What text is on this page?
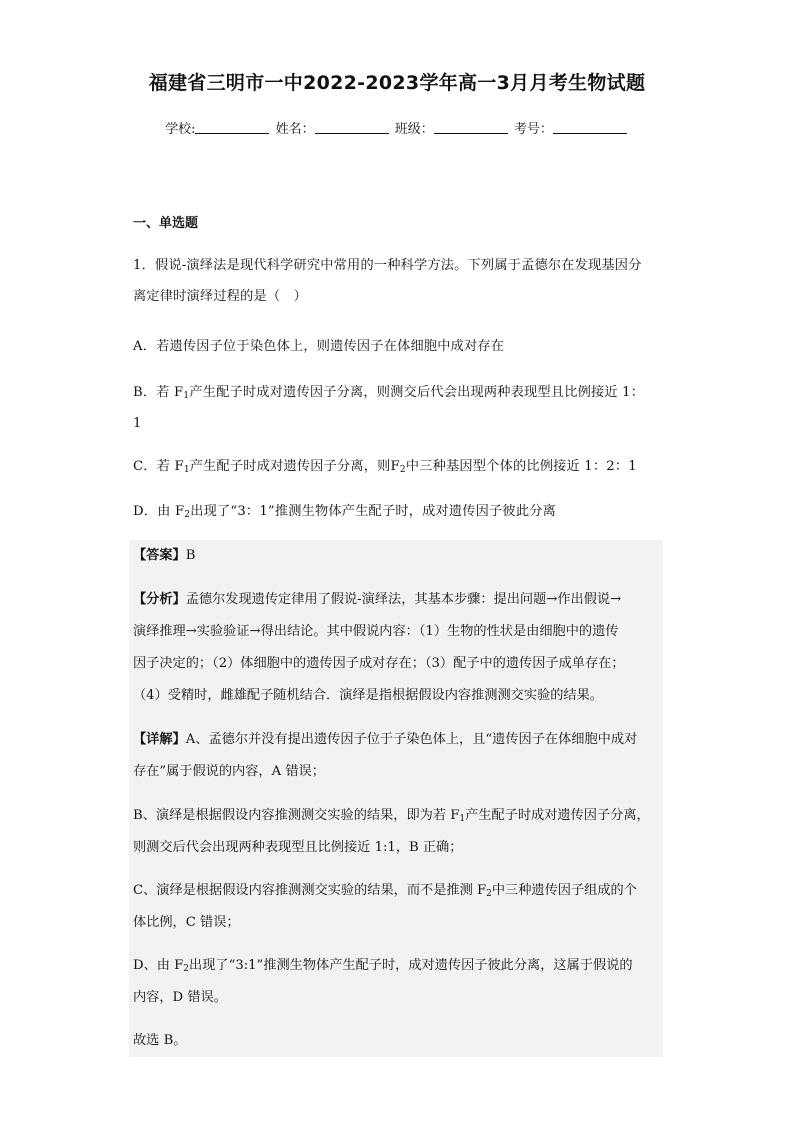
福建省三明市一中2022-2023学年高一3月月考生物试题
学校:	姓名：	班级：	考号：
一、单选题
1．假说-演绎法是现代科学研究中常用的一种科学方法。下列属于孟德尔在发现基因分
离定律时演绎过程的是（　）
A．若遗传因子位于染色体上，则遗传因子在体细胞中成对存在
B．若 $F_1$产生配子时成对遗传因子分离，则测交后代会出现两种表现型且比例接近 1：
1
C．若 $F_1$产生配子时成对遗传因子分离，则$F_2$中三种基因型个体的比例接近 1：2：1
D．由 $F_2$出现了“3：1”推测生物体产生配子时，成对遗传因子彼此分离
【答案】B
【分析】孟德尔发现遗传定律用了假说-演绎法，其基本步骤：提出问题→作出假说→
演绎推理→实验验证→得出结论。其中假说内容：（1）生物的性状是由细胞中的遗传
因子决定的；（2）体细胞中的遗传因子成对存在；（3）配子中的遗传因子成单存在；
（4）受精时，雌雄配子随机结合．演绎是指根据假设内容推测测交实验的结果。
【详解】A、孟德尔并没有提出遗传因子位于子染色体上，且“遗传因子在体细胞中成对
存在”属于假说的内容，A 错误；
B、演绎是根据假设内容推测测交实验的结果，即为若 $F_1$产生配子时成对遗传因子分离，
则测交后代会出现两种表现型且比例接近 1:1，B 正确；
C、演绎是根据假设内容推测测交实验的结果，而不是推测 $F_2$中三种遗传因子组成的个
体比例，C 错误；
D、由 $F_2$出现了“3:1”推测生物体产生配子时，成对遗传因子彼此分离，这属于假说的
内容，D 错误。
故选 B。
